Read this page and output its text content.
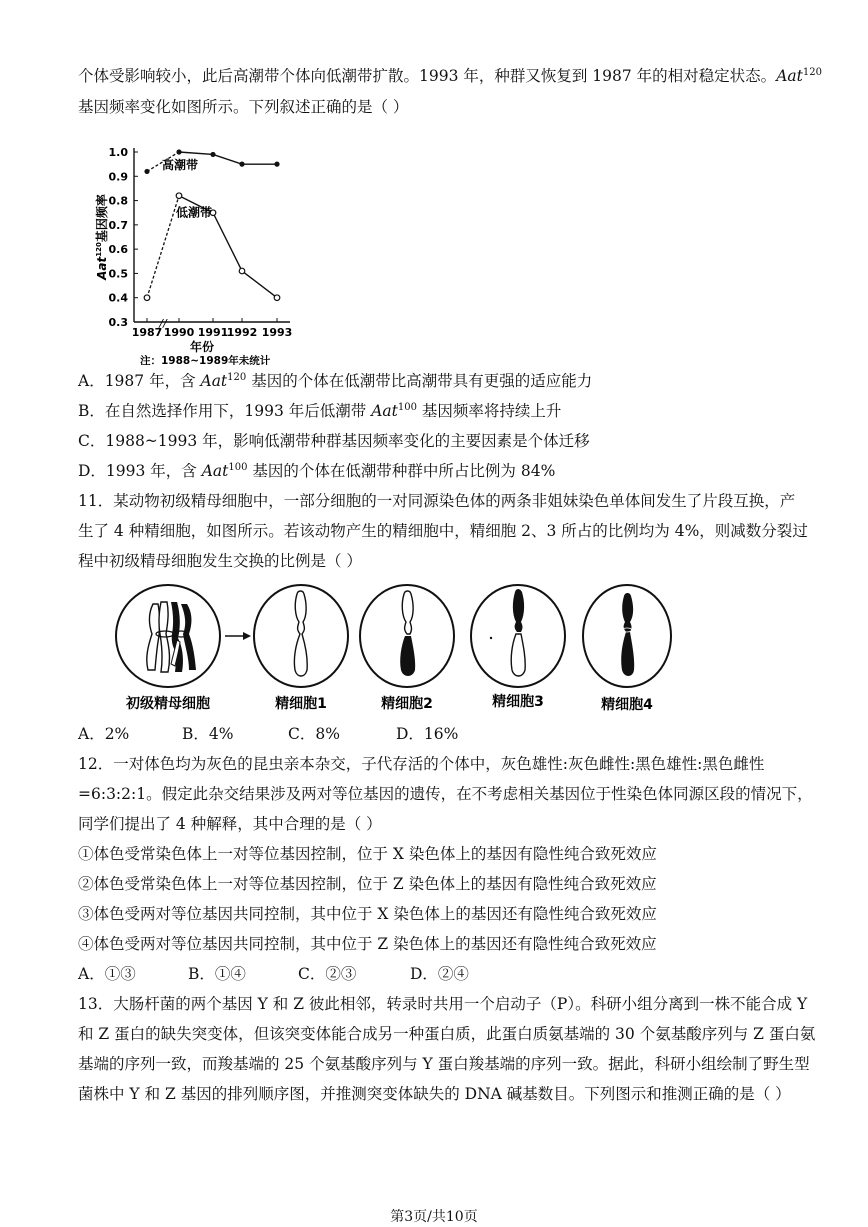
个体受影响较小，此后高潮带个体向低潮带扩散。1993 年，种群又恢复到 1987 年的相对稳定状态。Aat$^{120}$
基因频率变化如图所示。下列叙述正确的是（ ）
//
1.0
0.9
0.8
0.7
0.6
0.5
0.4
0.3
1987 1990 1991
1992 1993
高潮带
低潮带
Aat$^{120}$基因频率
年份
注：1988~1989年未统计
A．1987 年，含 Aat$^{120}$ 基因的个体在低潮带比高潮带具有更强的适应能力
B．在自然选择作用下，1993 年后低潮带 Aat$^{100}$ 基因频率将持续上升
C．1988~1993 年，影响低潮带种群基因频率变化的主要因素是个体迁移
D．1993 年，含 Aat$^{100}$ 基因的个体在低潮带种群中所占比例为 84%
11．某动物初级精母细胞中，一部分细胞的一对同源染色体的两条非姐妹染色单体间发生了片段互换，产
生了 4 种精细胞，如图所示。若该动物产生的精细胞中，精细胞 2、3 所占的比例均为 4%，则减数分裂过
程中初级精母细胞发生交换的比例是（ ）
初级精母细胞	精细胞1	精细胞2	精细胞3	精细胞4
A．2%	B．4%	C．8%	D．16%
12．一对体色均为灰色的昆虫亲本杂交，子代存活的个体中，灰色雄性:灰色雌性:黑色雄性:黑色雌性
=6:3:2:1。假定此杂交结果涉及两对等位基因的遗传，在不考虑相关基因位于性染色体同源区段的情况下，
同学们提出了 4 种解释，其中合理的是（ ）
①体色受常染色体上一对等位基因控制，位于 X 染色体上的基因有隐性纯合致死效应
②体色受常染色体上一对等位基因控制，位于 Z 染色体上的基因有隐性纯合致死效应
③体色受两对等位基因共同控制，其中位于 X 染色体上的基因还有隐性纯合致死效应
④体色受两对等位基因共同控制，其中位于 Z 染色体上的基因还有隐性纯合致死效应
A．①③	B．①④	C．②③	D．②④
13．大肠杆菌的两个基因 Y 和 Z 彼此相邻，转录时共用一个启动子（P）。科研小组分离到一株不能合成 Y
和 Z 蛋白的缺失突变体，但该突变体能合成另一种蛋白质，此蛋白质氨基端的 30 个氨基酸序列与 Z 蛋白氨
基端的序列一致，而羧基端的 25 个氨基酸序列与 Y 蛋白羧基端的序列一致。据此，科研小组绘制了野生型
菌株中 Y 和 Z 基因的排列顺序图，并推测突变体缺失的 DNA 碱基数目。下列图示和推测正确的是（ ）
第3页/共10页
